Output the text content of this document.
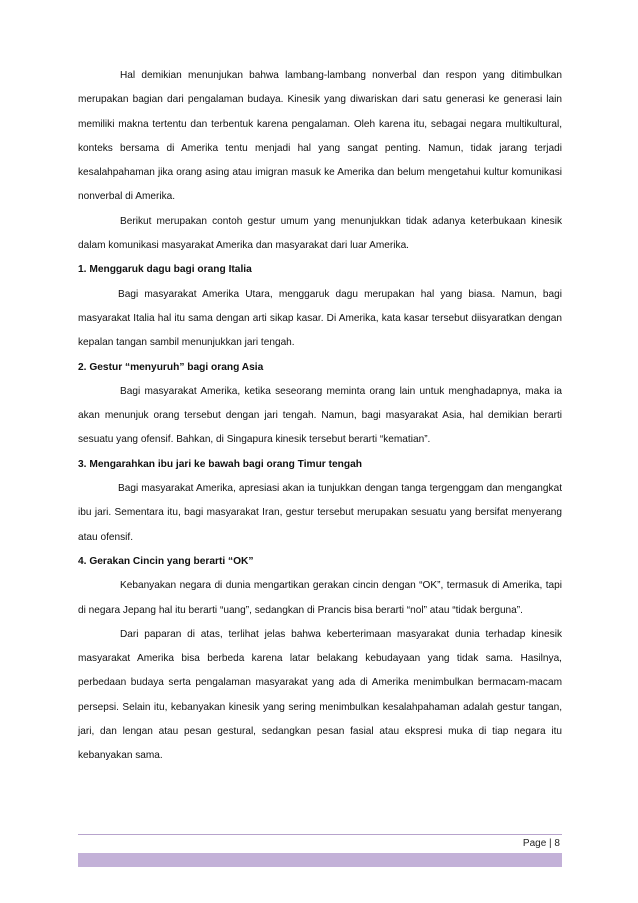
Hal demikian menunjukan bahwa lambang-lambang nonverbal dan respon yang ditimbulkan merupakan bagian dari pengalaman budaya. Kinesik yang diwariskan dari satu generasi ke generasi lain memiliki makna tertentu dan terbentuk karena pengalaman. Oleh karena itu, sebagai negara multikultural, konteks bersama di Amerika tentu menjadi hal yang sangat penting. Namun, tidak jarang terjadi kesalahpahaman jika orang asing atau imigran masuk ke Amerika dan belum mengetahui kultur komunikasi nonverbal di Amerika.

Berikut merupakan contoh gestur umum yang menunjukkan tidak adanya keterbukaan kinesik dalam komunikasi masyarakat Amerika dan masyarakat dari luar Amerika.

1. Menggaruk dagu bagi orang Italia

Bagi masyarakat Amerika Utara, menggaruk dagu merupakan hal yang biasa. Namun, bagi masyarakat Italia hal itu sama dengan arti sikap kasar. Di Amerika, kata kasar tersebut diisyaratkan dengan kepalan tangan sambil menunjukkan jari tengah.

2. Gestur “menyuruh” bagi orang Asia

Bagi masyarakat Amerika, ketika seseorang meminta orang lain untuk menghadapnya, maka ia akan menunjuk orang tersebut dengan jari tengah. Namun, bagi masyarakat Asia, hal demikian berarti sesuatu yang ofensif. Bahkan, di Singapura kinesik tersebut berarti “kematian”.

3. Mengarahkan ibu jari ke bawah bagi orang Timur tengah

Bagi masyarakat Amerika, apresiasi akan ia tunjukkan dengan tanga tergenggam dan mengangkat ibu jari. Sementara itu, bagi masyarakat Iran, gestur tersebut merupakan sesuatu yang bersifat menyerang atau ofensif.

4. Gerakan Cincin yang berarti “OK”

Kebanyakan negara di dunia mengartikan gerakan cincin dengan “OK”, termasuk di Amerika, tapi di negara Jepang hal itu berarti “uang”, sedangkan di Prancis bisa berarti “nol” atau “tidak berguna”.

Dari paparan di atas, terlihat jelas bahwa keberterimaan masyarakat dunia terhadap kinesik masyarakat Amerika bisa berbeda karena latar belakang kebudayaan yang tidak sama. Hasilnya, perbedaan budaya serta pengalaman masyarakat yang ada di Amerika menimbulkan bermacam-macam persepsi. Selain itu, kebanyakan kinesik yang sering menimbulkan kesalahpahaman adalah gestur tangan, jari, dan lengan atau pesan gestural, sedangkan pesan fasial atau ekspresi muka di tiap negara itu kebanyakan sama.

Page | 8
